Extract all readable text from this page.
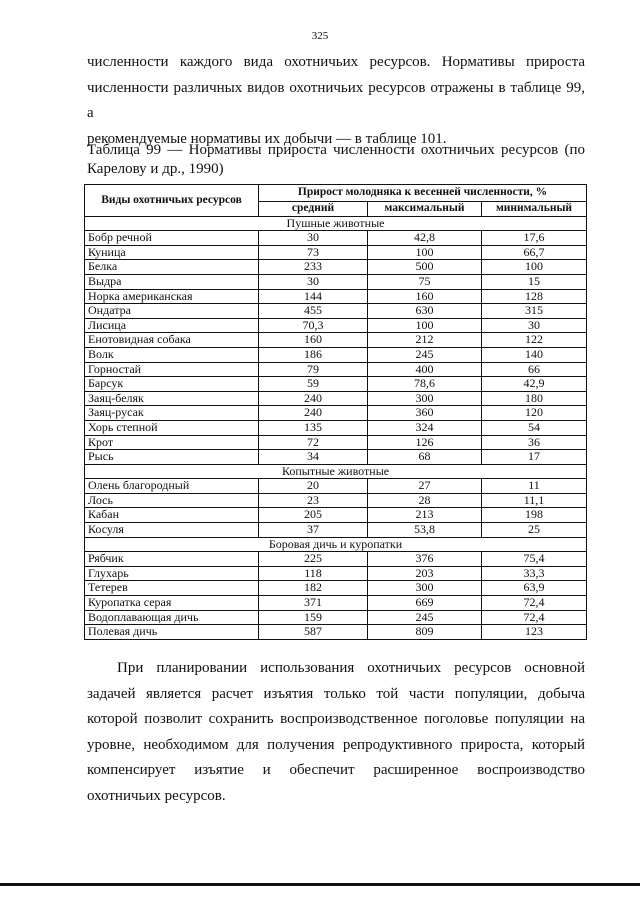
325

численности каждого вида охотничьих ресурсов. Нормативы прироста
численности различных видов охотничьих ресурсов отражены в таблице 99, а
рекомендуемые нормативы их добычи — в таблице 101.

Таблица 99 — Нормативы прироста численности охотничьих ресурсов (по
Карелову и др., 1990)

Виды охотничьих ресурсов	Прирост молодняка к весенней численности, %		
	средний	максимальный	минимальный
Пушные животные			
Бобр речной	30	42,8	17,6
Куница	73	100	66,7
Белка	233	500	100
Выдра	30	75	15
Норка американская	144	160	128
Ондатра	455	630	315
Лисица	70,3	100	30
Енотовидная собака	160	212	122
Волк	186	245	140
Горностай	79	400	66
Барсук	59	78,6	42,9
Заяц-беляк	240	300	180
Заяц-русак	240	360	120
Хорь степной	135	324	54
Крот	72	126	36
Рысь	34	68	17
Копытные животные			
Олень благородный	20	27	11
Лось	23	28	11,1
Кабан	205	213	198
Косуля	37	53,8	25
Боровая дичь и куропатки			
Рябчик	225	376	75,4
Глухарь	118	203	33,3
Тетерев	182	300	63,9
Куропатка серая	371	669	72,4
Водоплавающая дичь	159	245	72,4
Полевая дичь	587	809	123

При планировании использования охотничьих ресурсов основной
задачей является расчет изъятия только той части популяции, добыча
которой позволит сохранить воспроизводственное поголовье популяции на
уровне, необходимом для получения репродуктивного прироста, который
компенсирует изъятие и обеспечит расширенное воспроизводство
охотничьих ресурсов.
